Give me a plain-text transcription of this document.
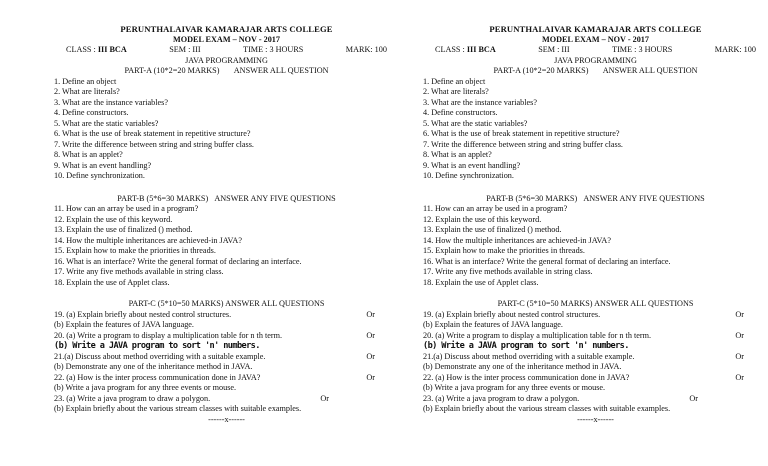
PERUNTHALAIVAR KAMARAJAR ARTS COLLEGE
MODEL EXAM – NOV - 2017
CLASS : III BCA	SEM : III	TIME : 3 HOURS	MARK: 100
JAVA PROGRAMMING
PART-A (10*2=20 MARKS) ANSWER ALL QUESTION
1. Define an object
2. What are literals?
3. What are the instance variables?
4. Define constructors.
5. What are the static variables?
6. What is the use of break statement in repetitive structure?
7. Write the difference between string and string buffer class.
8. What is an applet?
9. What is an event handling?
10. Define synchronization.
PART-B (5*6=30 MARKS) ANSWER ANY FIVE QUESTIONS
11. How can an array be used in a program?
12. Explain the use of this keyword.
13. Explain the use of finalized () method.
14. How the multiple inheritances are achieved-in JAVA?
15. Explain how to make the priorities in threads.
16. What is an interface? Write the general format of declaring an interface.
17. Write any five methods available in string class.
18. Explain the use of Applet class.
PART-C (5*10=50 MARKS) ANSWER ALL QUESTIONS
19. (a) Explain briefly about nested control structures.	Or
(b) Explain the features of JAVA language.
20. (a) Write a program to display a multiplication table for n th term.	Or
(b) Write a JAVA program to sort 'n' numbers.
21.(a) Discuss about method overriding with a suitable example.	Or
(b) Demonstrate any one of the inheritance method in JAVA.
22. (a) How is the inter process communication done in JAVA?	Or
(b) Write a java program for any three events or mouse.
23. (a) Write a java program to draw a polygon.	Or
(b) Explain briefly about the various stream classes with suitable examples.
------x------
PERUNTHALAIVAR KAMARAJAR ARTS COLLEGE
MODEL EXAM – NOV - 2017
CLASS : III BCA	SEM : III	TIME : 3 HOURS	MARK: 100
JAVA PROGRAMMING
PART-A (10*2=20 MARKS) ANSWER ALL QUESTION
1. Define an object
2. What are literals?
3. What are the instance variables?
4. Define constructors.
5. What are the static variables?
6. What is the use of break statement in repetitive structure?
7. Write the difference between string and string buffer class.
8. What is an applet?
9. What is an event handling?
10. Define synchronization.
PART-B (5*6=30 MARKS) ANSWER ANY FIVE QUESTIONS
11. How can an array be used in a program?
12. Explain the use of this keyword.
13. Explain the use of finalized () method.
14. How the multiple inheritances are achieved-in JAVA?
15. Explain how to make the priorities in threads.
16. What is an interface? Write the general format of declaring an interface.
17. Write any five methods available in string class.
18. Explain the use of Applet class.
PART-C (5*10=50 MARKS) ANSWER ALL QUESTIONS
19. (a) Explain briefly about nested control structures.	Or
(b) Explain the features of JAVA language.
20. (a) Write a program to display a multiplication table for n th term.	Or
(b) Write a JAVA program to sort 'n' numbers.
21.(a) Discuss about method overriding with a suitable example.	Or
(b) Demonstrate any one of the inheritance method in JAVA.
22. (a) How is the inter process communication done in JAVA?	Or
(b) Write a java program for any three events or mouse.
23. (a) Write a java program to draw a polygon.	Or
(b) Explain briefly about the various stream classes with suitable examples.
------x------
